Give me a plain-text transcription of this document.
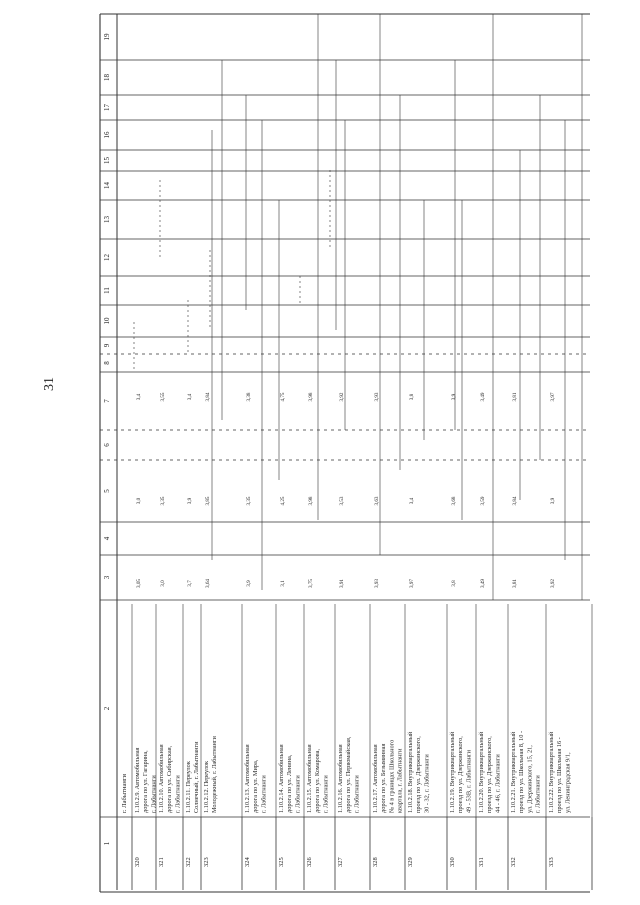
31
1
2
3
4
5
6
7
8
9
10
11
12
13
14
15
16
17
18
19
г. Лабытнанги
320
1.10.2.9. Автомобильная дорога по ул. Гагарина, г. Лабытнанги
3,05
3,0
3,4
321
1.10.2.10. Автомобильная дорога по ул. Сибирская, г. Лабытнанги
3,0
3,35
3,55
322
1.10.2.11. Переулок Солнечный, г. Лабытнанги
3,7
3,9
3,4
323
1.10.2.12. Переулок Молодежный, г. Лабытнанги
3,64
3,85
3,84
324
1.10.2.13. Автомобильная дорога по ул. Мира, г. Лабытнанги
3,9
3,35
3,38
325
1.10.2.14. Автомобильная дорога по ул. Ленина, г. Лабытнанги
3,1
4,25
4,75
326
1.10.2.15. Автомобильная дорога по ул. Комарова, г. Лабытнанги
3,75
3,98
3,98
327
1.10.2.16. Автомобильная дорога по ул. Первомайская, г. Лабытнанги
3,91
3,53
3,92
328
1.10.2.17. Автомобильная дорога по ул. Безымянная № 4 в границах Школьного квартала, г. Лабытнанги
3,93
3,63
3,93
329
1.10.2.18. Внутриквартальный проезд по ул. Дзержинского, 30 - 32, г. Лабытнанги
3,97
3,4
3,8
330
1.10.2.19. Внутриквартальный проезд по ул. Дзержинского, 49 - 53В, г. Лабытнанги
3,8
3,68
3,9
331
1.10.2.20. Внутриквартальный проезд по ул. Дзержинского, 44 - 46, г. Лабытнанги
3,49
3,59
3,49
332
1.10.2.21. Внутриквартальный проезд по ул. Школьная 8, 10 - ул. Дзержинского, 15, 21, г. Лабытнанги
3,81
3,84
3,81
333
1.10.2.22. Внутриквартальный проезд по ул. Школьная 16 - ул. Ленинградская 9/1,
3,92
3,9
3,97
